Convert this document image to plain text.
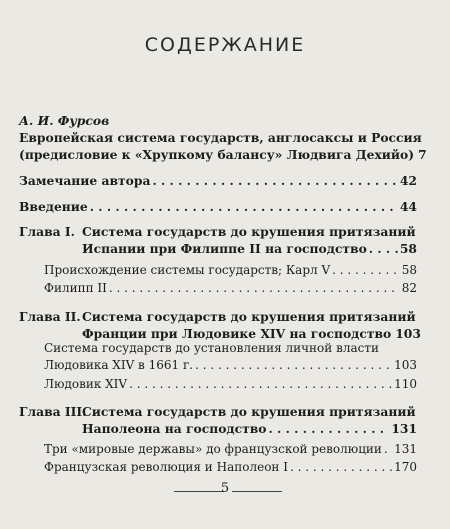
СОДЕРЖАНИЕ
А. И. Фурсов
Европейская система государств, англосаксы и Россия
(предисловие к «Хрупкому балансу» Людвига Дехийо) 7
Замечание автора . . .	42
Введение . . .	44
Глава I. Система государств до крушения притязаний
Испании при Филиппе II на господство . . .	58
Происхождение системы государств; Карл V . . .	58
Филипп II . . .	82
Глава II. Система государств до крушения притязаний
Франции при Людовике XIV на господство 103
Система государств до установления личной власти
Людовика XIV в 1661 г. . . .	103
Людовик XIV . . .	110
Глава III.
Система государств до крушения притязаний
Наполеона на господство . . .	131
Три «мировые державы» до французской революции . . . 131
Французская революция и Наполеон I . . .	170
5
